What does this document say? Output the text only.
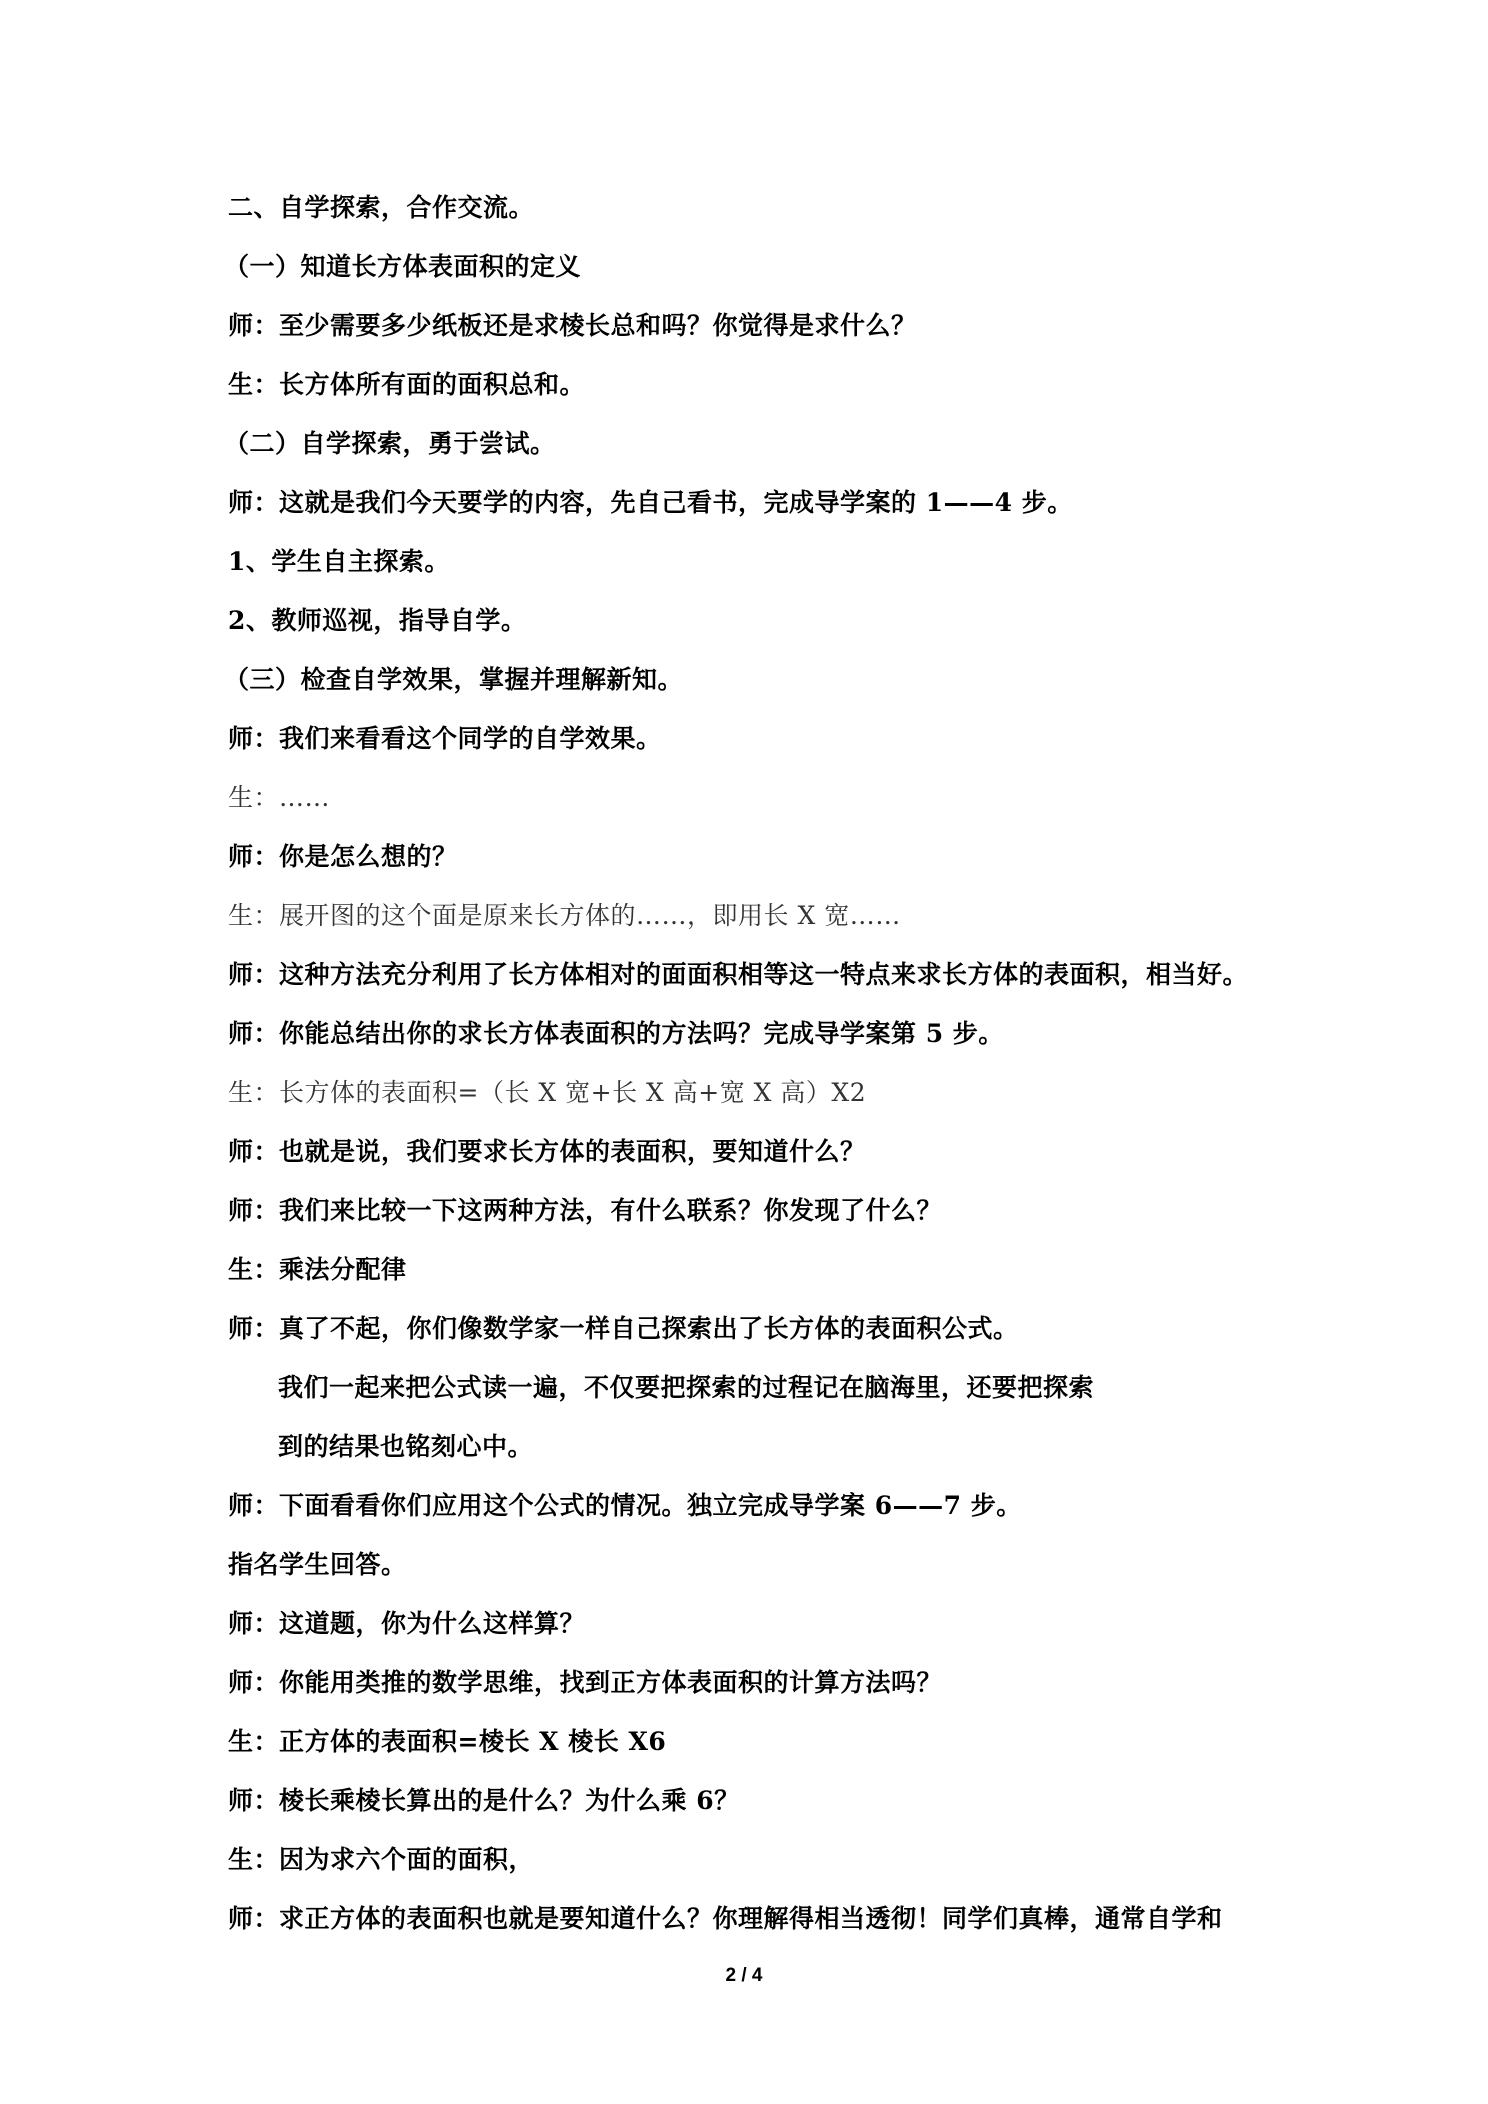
二、自学探索，合作交流。
（一）知道长方体表面积的定义
师：至少需要多少纸板还是求棱长总和吗？你觉得是求什么？
生：长方体所有面的面积总和。
（二）自学探索，勇于尝试。
师：这就是我们今天要学的内容，先自己看书，完成导学案的 1——4 步。
1、学生自主探索。
2、教师巡视，指导自学。
（三）检查自学效果，掌握并理解新知。
师：我们来看看这个同学的自学效果。
生：……
师：你是怎么想的？
生：展开图的这个面是原来长方体的……，即用长 X 宽……
师：这种方法充分利用了长方体相对的面面积相等这一特点来求长方体的表面积，相当好。
师：你能总结出你的求长方体表面积的方法吗？完成导学案第 5 步。
生：长方体的表面积=（长 X 宽+长 X 高+宽 X 高）X2
师：也就是说，我们要求长方体的表面积，要知道什么？
师：我们来比较一下这两种方法，有什么联系？你发现了什么？
生：乘法分配律
师：真了不起，你们像数学家一样自己探索出了长方体的表面积公式。
我们一起来把公式读一遍，不仅要把探索的过程记在脑海里，还要把探索
到的结果也铭刻心中。
师：下面看看你们应用这个公式的情况。独立完成导学案 6——7 步。
指名学生回答。
师：这道题，你为什么这样算？
师：你能用类推的数学思维，找到正方体表面积的计算方法吗？
生：正方体的表面积=棱长 X 棱长 X6
师：棱长乘棱长算出的是什么？为什么乘 6？
生：因为求六个面的面积，
师：求正方体的表面积也就是要知道什么？你理解得相当透彻！同学们真棒，通常自学和
2 / 4
